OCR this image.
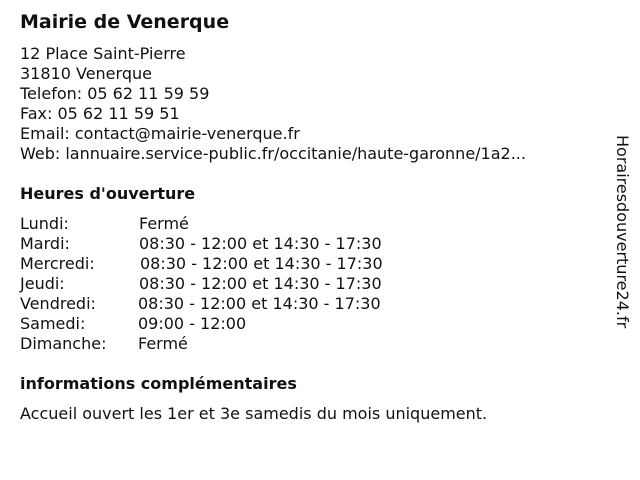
Mairie de Venerque
12 Place Saint-Pierre
31810 Venerque
Telefon: 05 62 11 59 59
Fax: 05 62 11 59 51
Email: contact@mairie-venerque.fr
Web: lannuaire.service-public.fr/occitanie/haute-garonne/1a2...
Heures d'ouverture
Lundi:	Fermé
Mardi:	08:30 - 12:00 et 14:30 - 17:30
Mercredi:	08:30 - 12:00 et 14:30 - 17:30
Jeudi:	08:30 - 12:00 et 14:30 - 17:30
Vendredi:	08:30 - 12:00 et 14:30 - 17:30
Samedi:	09:00 - 12:00
Dimanche: Fermé
informations complémentaires
Accueil ouvert les 1er et 3e samedis du mois uniquement.
Horairesdouverture24.fr
